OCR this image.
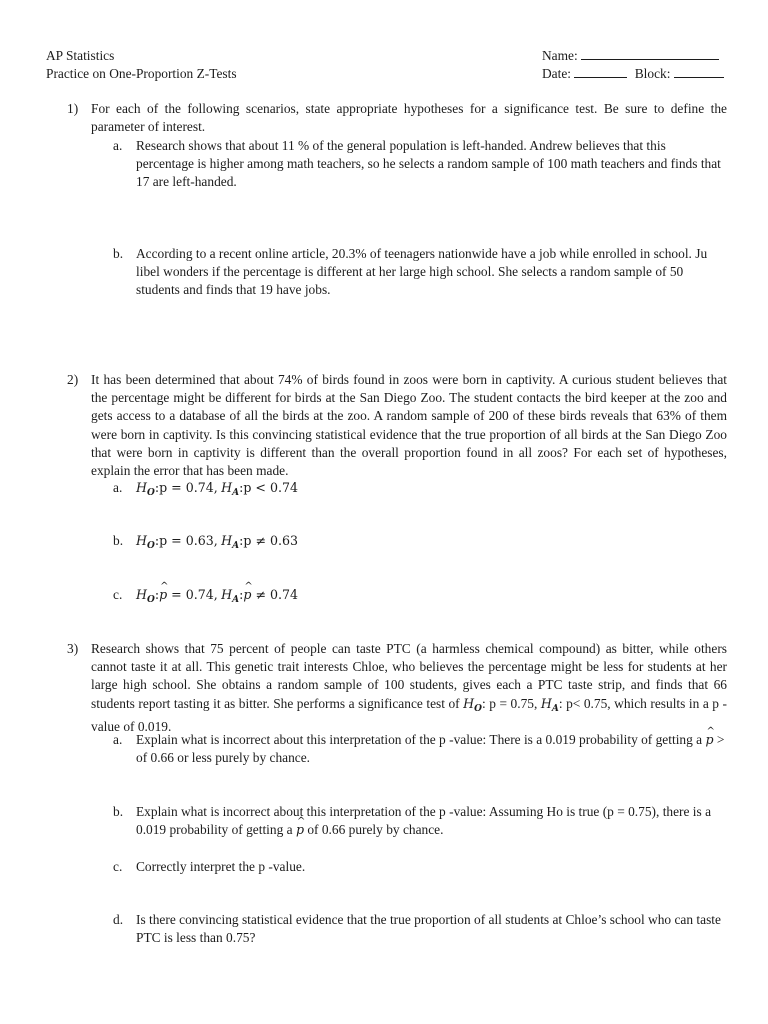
AP Statistics
Practice on One-Proportion Z-Tests
Name:
Date:	Block:
1) For each of the following scenarios, state appropriate hypotheses for a significance test. Be sure to define the parameter of interest.
a. Research shows that about 11 % of the general population is left-handed. Andrew believes that this percentage is higher among math teachers, so he selects a random sample of 100 math teachers and finds that 17 are left-handed.
b. According to a recent online article, 20.3% of teenagers nationwide have a job while enrolled in school. Ju libel wonders if the percentage is different at her large high school. She selects a random sample of 50 students and finds that 19 have jobs.
2) It has been determined that about 74% of birds found in zoos were born in captivity. A curious student believes that the percentage might be different for birds at the San Diego Zoo. The student contacts the bird keeper at the zoo and gets access to a database of all the birds at the zoo. A random sample of 200 of these birds reveals that 63% of them were born in captivity. Is this convincing statistical evidence that the true proportion of all birds at the San Diego Zoo that were born in captivity is different than the overall proportion found in all zoos? For each set of hypotheses, explain the error that has been made.
a. $H_O:p = 0.74$, $H_A:p < 0.74$
b. $H_O:p = 0.63$, $H_A:p \ne 0.63$
c. $H_O:\^{}$ p = 0.74, $H_A:\^{}$ p ≠ 0.74
3) Research shows that 75 percent of people can taste PTC (a harmless chemical compound) as bitter, while others cannot taste it at all. This genetic trait interests Chloe, who believes the percentage might be less for students at her large high school. She obtains a random sample of 100 students, gives each a PTC taste strip, and finds that 66 students report tasting it as bitter. She performs a significance test of $H_O$: p = 0.75, $H_A$: p< 0.75, which results in a p -value of 0.019.
a. Explain what is incorrect about this interpretation of the p -value: There is a 0.019 probability of getting a ^ p > of 0.66 or less purely by chance.
b. Explain what is incorrect about this interpretation of the p -value: Assuming Ho is true (p = 0.75), there is a 0.019 probability of getting a ^ p of 0.66 purely by chance.
c. Correctly interpret the p -value.
d. Is there convincing statistical evidence that the true proportion of all students at Chloe’s school who can taste PTC is less than 0.75?
